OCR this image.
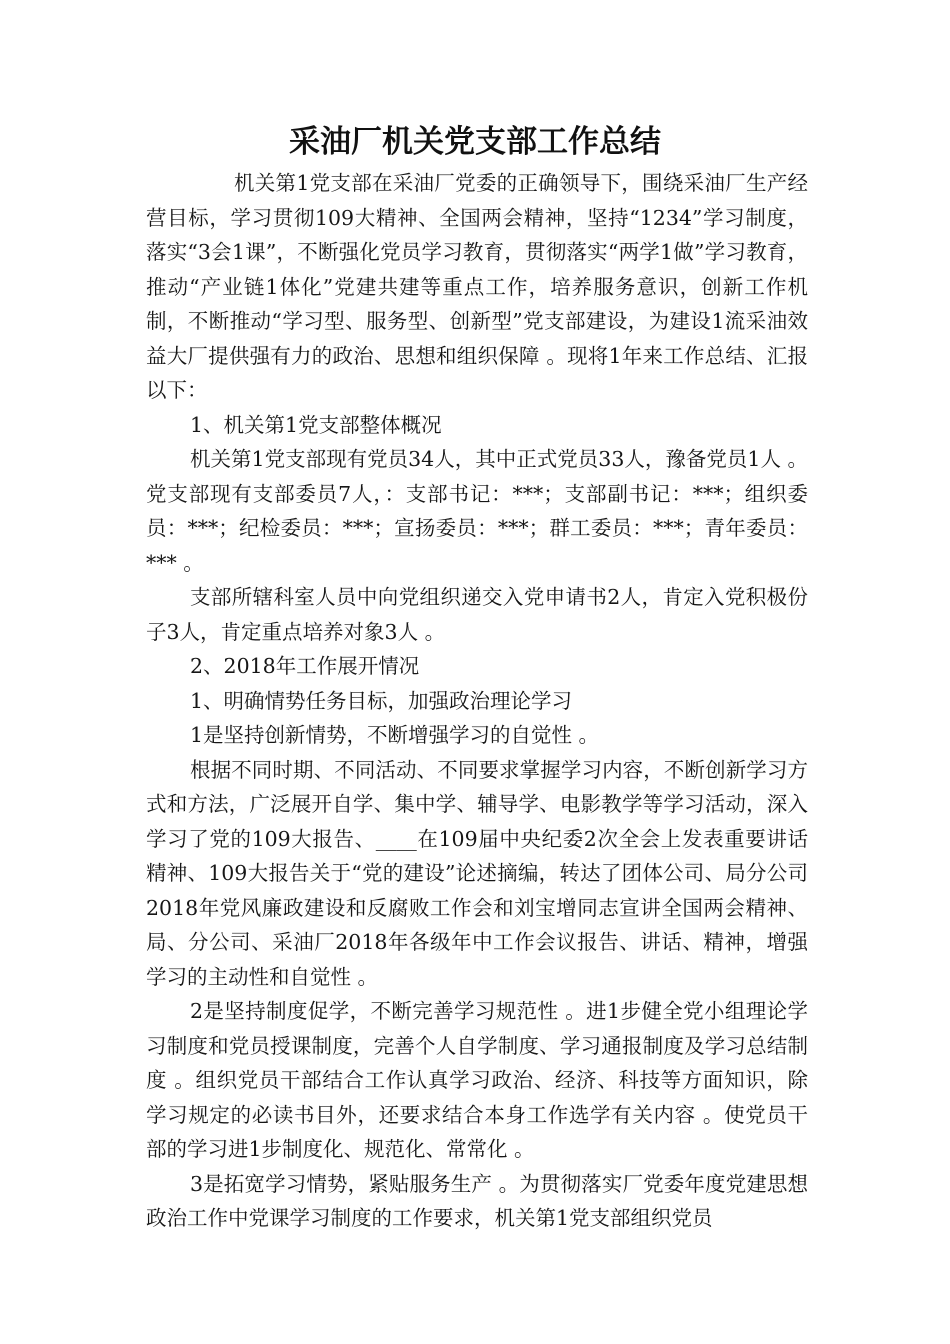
采油厂机关党支部工作总结

机关第1党支部在采油厂党委的正确领导下，围绕采油厂生产经营目标，学习贯彻109大精神、全国两会精神，坚持“1234”学习制度，落实“3会1课”，不断强化党员学习教育，贯彻落实“两学1做”学习教育，推动“产业链1体化”党建共建等重点工作，培养服务意识，创新工作机制，不断推动“学习型、服务型、创新型”党支部建设，为建设1流采油效益大厂提供强有力的政治、思想和组织保障 。现将1年来工作总结、汇报以下：

1、机关第1党支部整体概况

机关第1党支部现有党员34人，其中正式党员33人，豫备党员1人 。党支部现有支部委员7人，：支部书记：***；支部副书记：***；组织委员：***；纪检委员：***；宣扬委员：***；群工委员：***；青年委员：*** 。

支部所辖科室人员中向党组织递交入党申请书2人，肯定入党积极份子3人，肯定重点培养对象3人 。

2、2018年工作展开情况

1、明确情势任务目标，加强政治理论学习

1是坚持创新情势，不断增强学习的自觉性 。

根据不同时期、不同活动、不同要求掌握学习内容，不断创新学习方式和方法，广泛展开自学、集中学、辅导学、电影教学等学习活动，深入学习了党的109大报告、____在109届中央纪委2次全会上发表重要讲话精神、109大报告关于“党的建设”论述摘编，转达了团体公司、局分公司2018年党风廉政建设和反腐败工作会和刘宝增同志宣讲全国两会精神、局、分公司、采油厂2018年各级年中工作会议报告、讲话、精神，增强学习的主动性和自觉性 。

2是坚持制度促学，不断完善学习规范性 。进1步健全党小组理论学习制度和党员授课制度，完善个人自学制度、学习通报制度及学习总结制度 。组织党员干部结合工作认真学习政治、经济、科技等方面知识，除学习规定的必读书目外，还要求结合本身工作选学有关内容 。使党员干部的学习进1步制度化、规范化、常常化 。

3是拓宽学习情势，紧贴服务生产 。为贯彻落实厂党委年度党建思想政治工作中党课学习制度的工作要求，机关第1党支部组织党员
